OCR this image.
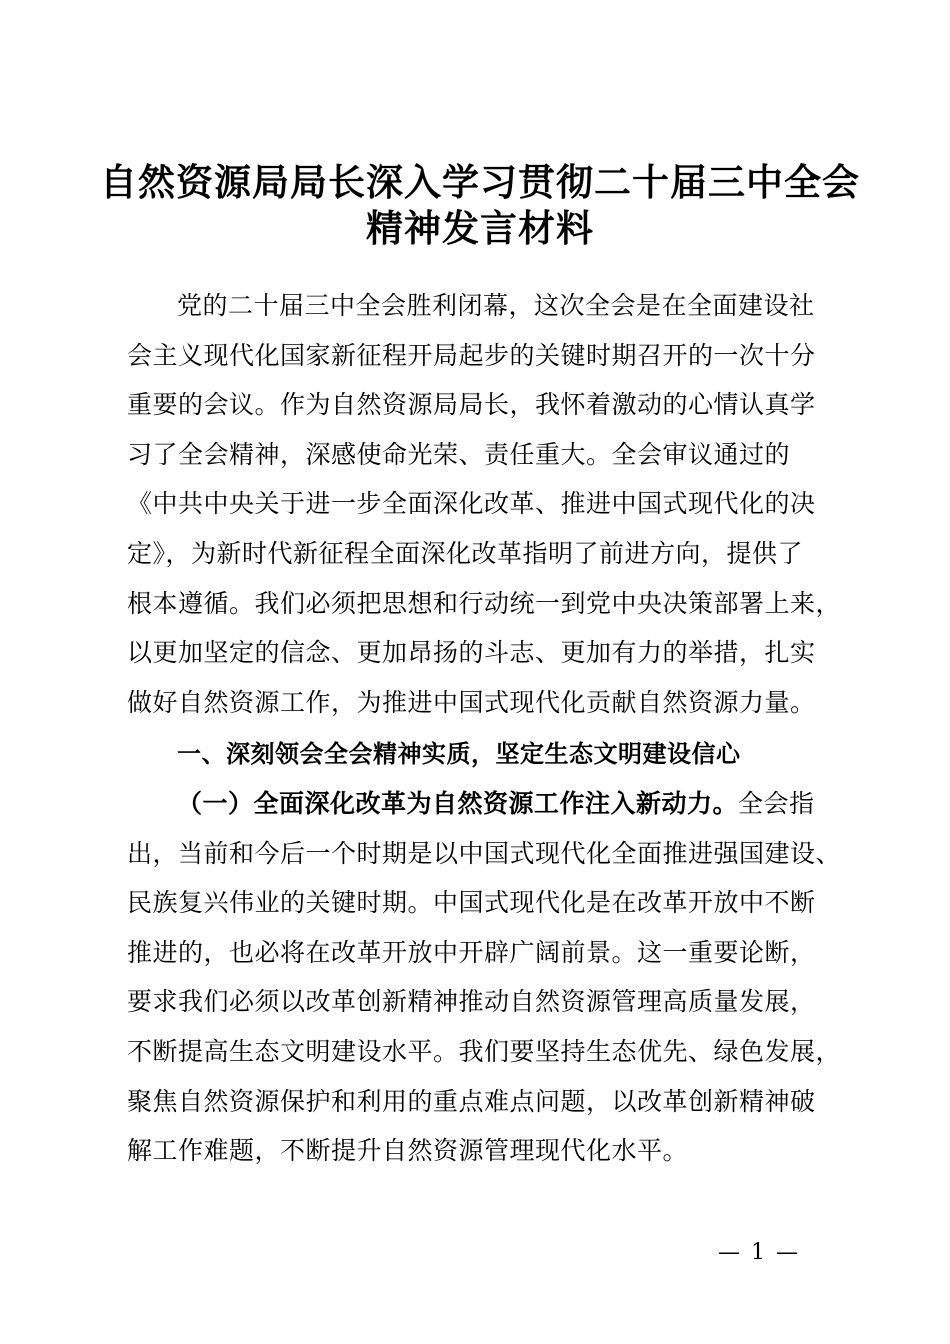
自然资源局局长深入学习贯彻二十届三中全会
精神发言材料
党的二十届三中全会胜利闭幕，这次全会是在全面建设社
会主义现代化国家新征程开局起步的关键时期召开的一次十分
重要的会议。作为自然资源局局长，我怀着激动的心情认真学
习了全会精神，深感使命光荣、责任重大。全会审议通过的
《中共中央关于进一步全面深化改革、推进中国式现代化的决
定》，为新时代新征程全面深化改革指明了前进方向，提供了
根本遵循。我们必须把思想和行动统一到党中央决策部署上来，
以更加坚定的信念、更加昂扬的斗志、更加有力的举措，扎实
做好自然资源工作，为推进中国式现代化贡献自然资源力量。
一、深刻领会全会精神实质，坚定生态文明建设信心
（一）全面深化改革为自然资源工作注入新动力。全会指
出，当前和今后一个时期是以中国式现代化全面推进强国建设、
民族复兴伟业的关键时期。中国式现代化是在改革开放中不断
推进的，也必将在改革开放中开辟广阔前景。这一重要论断，
要求我们必须以改革创新精神推动自然资源管理高质量发展，
不断提高生态文明建设水平。我们要坚持生态优先、绿色发展，
聚焦自然资源保护和利用的重点难点问题，以改革创新精神破
解工作难题，不断提升自然资源管理现代化水平。
— 1 —
